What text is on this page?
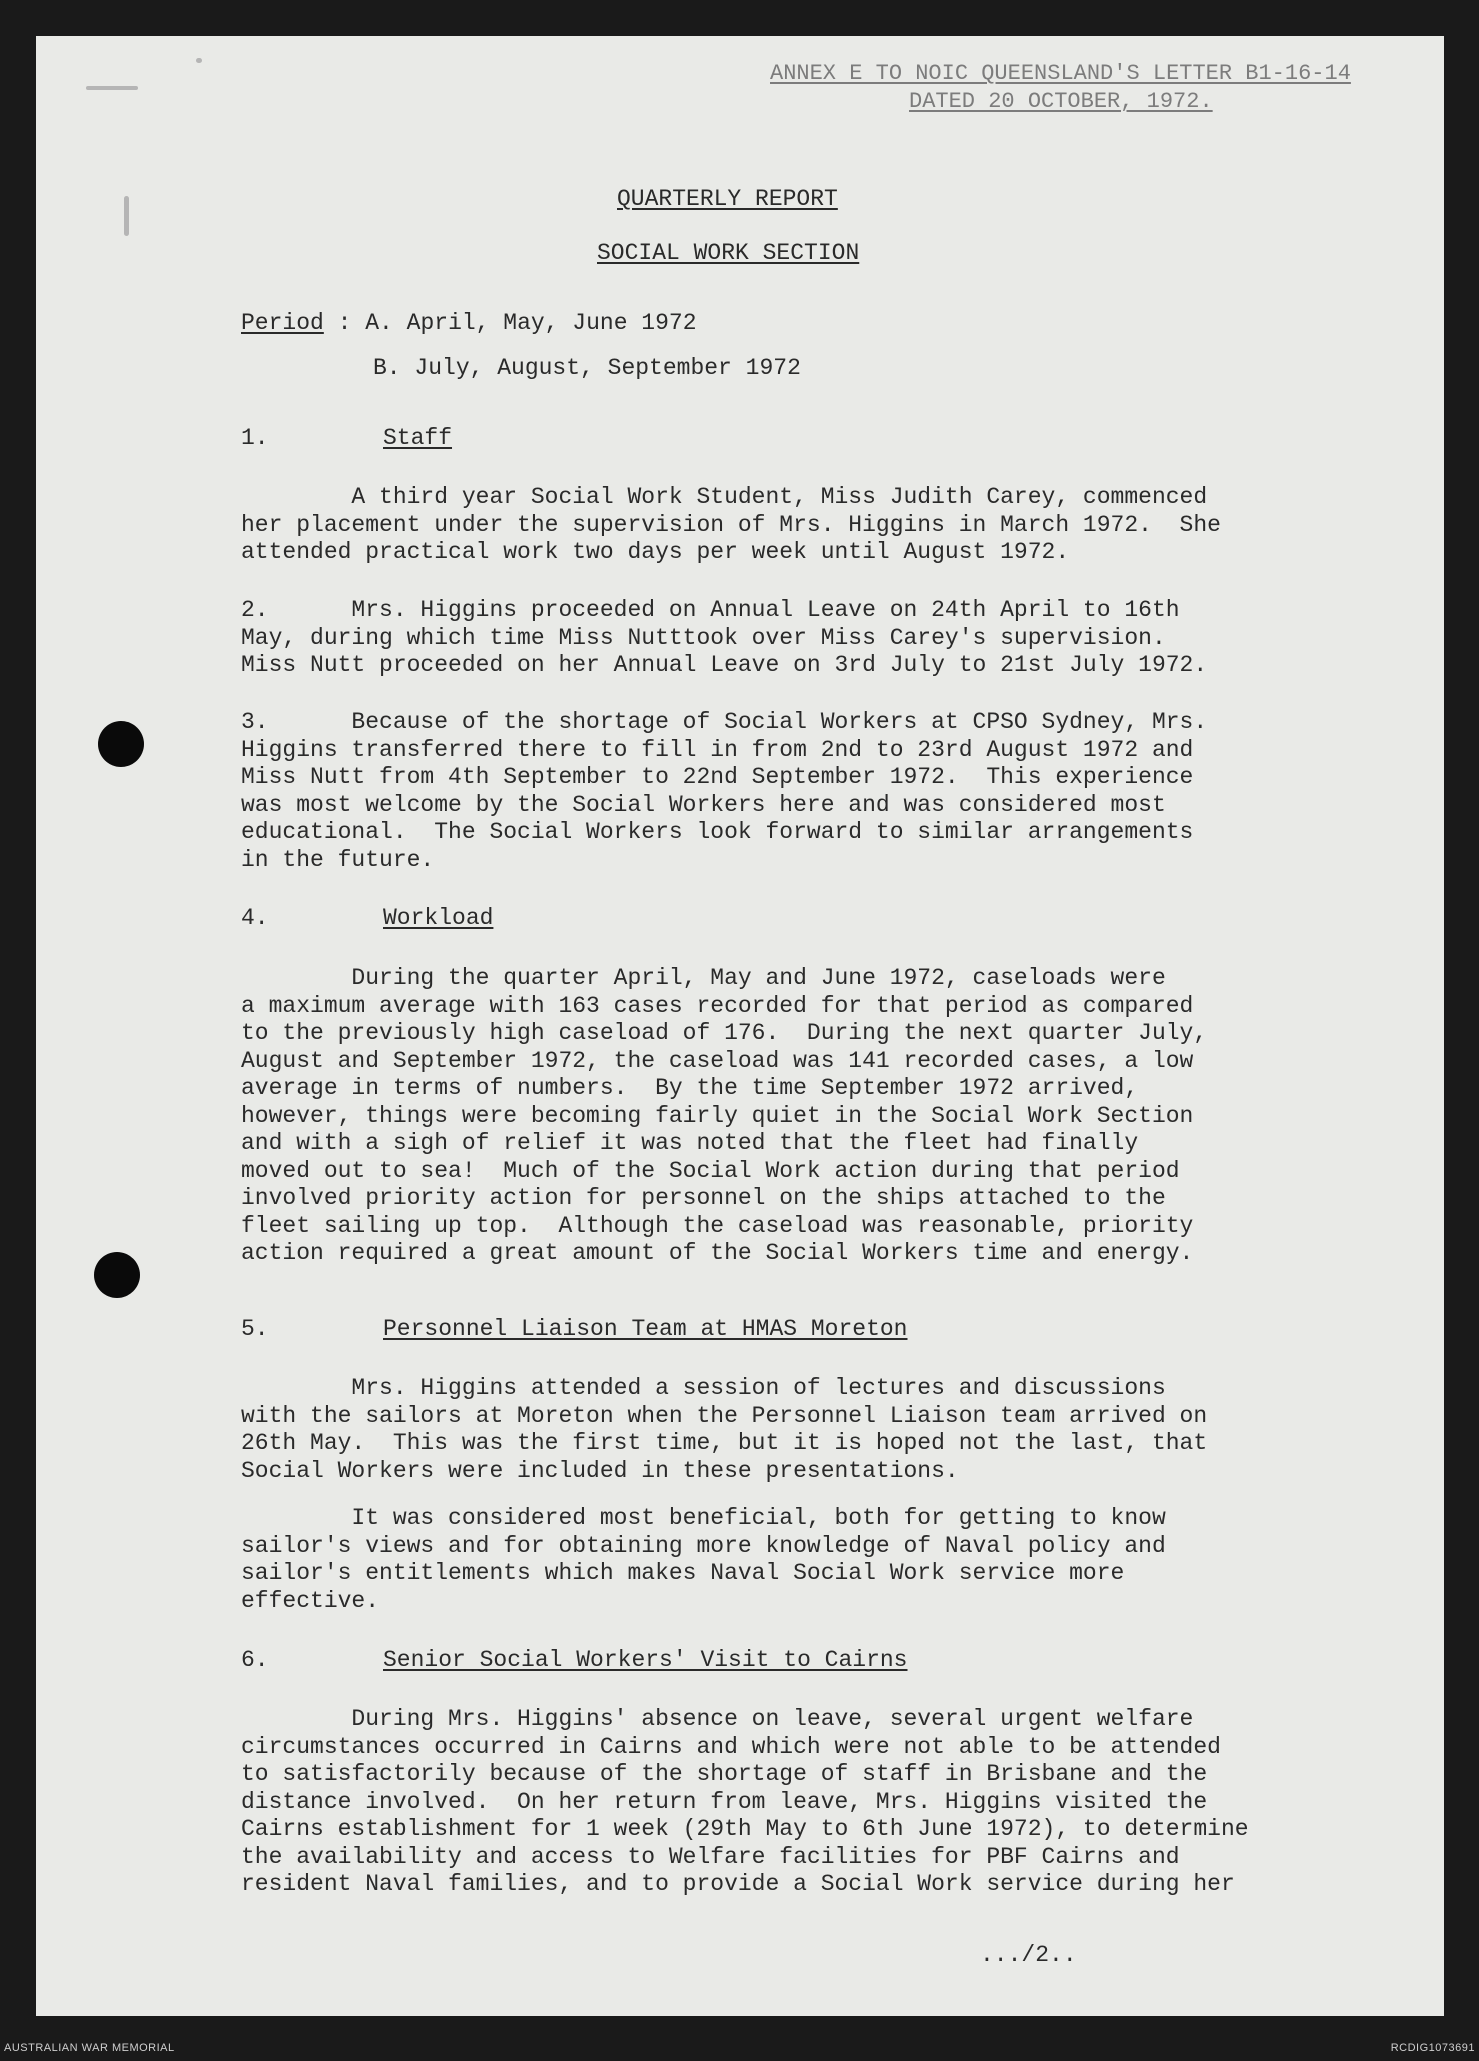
ANNEX E TO NOIC QUEENSLAND'S LETTER B1-16-14
DATED 20 OCTOBER, 1972.
QUARTERLY REPORT
SOCIAL WORK SECTION
Period : A. April, May, June 1972
B. July, August, September 1972
1.	Staff
A third year Social Work Student, Miss Judith Carey, commenced
her placement under the supervision of Mrs. Higgins in March 1972.  She
attended practical work two days per week until August 1972.
2.      Mrs. Higgins proceeded on Annual Leave on 24th April to 16th
May, during which time Miss Nutttook over Miss Carey's supervision.
Miss Nutt proceeded on her Annual Leave on 3rd July to 21st July 1972.
3.      Because of the shortage of Social Workers at CPSO Sydney, Mrs.
Higgins transferred there to fill in from 2nd to 23rd August 1972 and
Miss Nutt from 4th September to 22nd September 1972.  This experience
was most welcome by the Social Workers here and was considered most
educational.  The Social Workers look forward to similar arrangements
in the future.
4.	Workload
During the quarter April, May and June 1972, caseloads were
a maximum average with 163 cases recorded for that period as compared
to the previously high caseload of 176.  During the next quarter July,
August and September 1972, the caseload was 141 recorded cases, a low
average in terms of numbers.  By the time September 1972 arrived,
however, things were becoming fairly quiet in the Social Work Section
and with a sigh of relief it was noted that the fleet had finally
moved out to sea!  Much of the Social Work action during that period
involved priority action for personnel on the ships attached to the
fleet sailing up top.  Although the caseload was reasonable, priority
action required a great amount of the Social Workers time and energy.
5.	Personnel Liaison Team at HMAS Moreton
Mrs. Higgins attended a session of lectures and discussions
with the sailors at Moreton when the Personnel Liaison team arrived on
26th May.  This was the first time, but it is hoped not the last, that
Social Workers were included in these presentations.
It was considered most beneficial, both for getting to know
sailor's views and for obtaining more knowledge of Naval policy and
sailor's entitlements which makes Naval Social Work service more
effective.
6.	Senior Social Workers' Visit to Cairns
During Mrs. Higgins' absence on leave, several urgent welfare
circumstances occurred in Cairns and which were not able to be attended
to satisfactorily because of the shortage of staff in Brisbane and the
distance involved.  On her return from leave, Mrs. Higgins visited the
Cairns establishment for 1 week (29th May to 6th June 1972), to determine
the availability and access to Welfare facilities for PBF Cairns and
resident Naval families, and to provide a Social Work service during her
.../2..
AUSTRALIAN WAR MEMORIAL	RCDIG1073691
